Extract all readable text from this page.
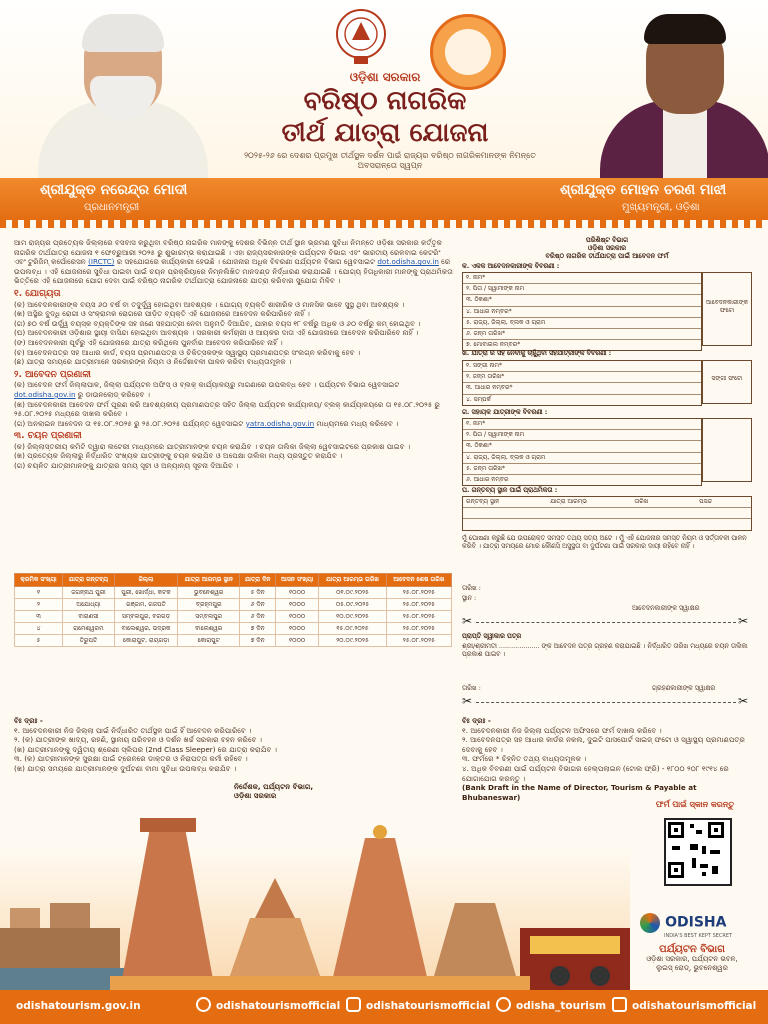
ଓଡ଼ିଶା ସରକାର
ବରିଷ୍ଠ ନାଗରିକ
ତୀର୍ଥ ଯାତ୍ରା ଯୋଜନା
୨୦୨୫-୨୬ ରେ ଦେଶର ପ୍ରମୁଖ ତୀର୍ଥସ୍ଥଳ ଦର୍ଶନ ପାଇଁ ରାଜ୍ୟର ବରିଷ୍ଠ ନାଗରିକମାନଙ୍କ ନିମନ୍ତେ ଅବସରାନ୍ତୋ ସ୍ୱପ୍ନ
ଶ୍ରୀଯୁକ୍ତ ନରେନ୍ଦ୍ର ମୋଦୀ
ପ୍ରଧାନମନ୍ତ୍ରୀ
ଶ୍ରୀଯୁକ୍ତ ମୋହନ ଚରଣ ମାଝୀ
ମୁଖ୍ୟମନ୍ତ୍ରୀ, ଓଡ଼ିଶା
ଆମ ରାଜ୍ୟର ପ୍ରତ୍ୟେକ ଜିଲ୍ଲାରେ ବସବାସ କରୁଥିବା ବରିଷ୍ଠ ନାଗରିକ ମାନଙ୍କୁ ଦେଶର ବିଭିନ୍ନ ତୀର୍ଥ ସ୍ଥାନ ଭ୍ରମଣ ସୁବିଧା ନିମନ୍ତେ ଓଡ଼ିଶା ସରକାର କର୍ତ୍ତୃକ ନାଗରିକ ତୀର୍ଥଯାତ୍ରା ଯୋଜନା ୧ ଫେବ୍ରୁଆରୀ ୨୦୨୫ ରୁ ଶୁଭାରମ୍ଭ କରାଯାଇଛି । ଏହା ରାଜ୍ୟସରକାରଙ୍କ ପର୍ଯ୍ୟଟନ ବିଭାଗ ଏବଂ ଭାରତୀୟ ରେଳବାଇ କେଟରିଂ ଏବଂ ଟୁରିଜିମ୍ କର୍ପୋରେସନ (IRCTC) ର ସହଯୋଗରେ କାର୍ଯ୍ୟକାରୀ ହେଉଛି । ଯୋଜନାର ଅଧିକ ବିବରଣୀ ପର୍ଯ୍ୟଟନ ବିଭାଗ ୱେବସାଇଟ dot.odisha.gov.in ରେ ଉପଲବ୍ଧ । ଏହି ଯୋଜନାରେ ସୁବିଧା ପାଇବା ପାଇଁ ଚୟନ ପ୍ରକ୍ରିୟାରେ ନିମ୍ନଲିଖିତ ମାନଦଣ୍ଡ ନିର୍ଦ୍ଧାରଣ କରାଯାଇଛି । ଯୋଗ୍ୟ ହିତାଧିକାରୀ ମାନଙ୍କୁ ପ୍ରାଥମିକତା ଭିତ୍ତିରେ ଏହି ଯୋଜନାରେ ଯୋଗ ଦେବା ପାଇଁ ବରିଷ୍ଠ ନାଗରିକ ତୀର୍ଥଯାତ୍ରା ଯୋଜନାରେ ଯାତ୍ରା କରିବାର ସୁଯୋଗ ମିଳିବ ।
୧. ଯୋଗ୍ୟତା

(କ) ଆବେଦନକାରୀଙ୍କ ବୟସ ୬୦ ବର୍ଷ ବା ତଦୁର୍ଦ୍ଧ୍ୱ ହୋଇଥିବା ଆବଶ୍ୟକ । ଯୋଗ୍ୟ ବ୍ୟକ୍ତି ଶାରୀରିକ ଓ ମାନସିକ ଭାବେ ସୁସ୍ଥ ଥିବା ଆବଶ୍ୟକ ।

(ଖ) ଅସ୍ଥିର ବୁଦ୍ଧି ରୋଗୀ ଓ ସଂକ୍ରାମକ ରୋଗରେ ପୀଡ଼ିତ ବ୍ୟକ୍ତି ଏହି ଯୋଜନାରେ ଆବେଦନ କରିପାରିବେ ନାହିଁ ।

(ଗ) ୭୦ ବର୍ଷ ଉର୍ଦ୍ଧ୍ୱ ବୟସ୍କ ବ୍ୟକ୍ତିଙ୍କ ସହ ଜଣେ ସହଯାତ୍ରୀ ନେବା ଅନୁମତି ଦିଆଯିବ, ଯାହାର ବୟସ ୧୮ ବର୍ଷରୁ ଅଧିକ ଓ ୬୦ ବର୍ଷରୁ କମ୍ ହୋଇଥିବ ।

(ଘ) ଆବେଦନକାରୀ ଓଡ଼ିଶାର ସ୍ଥାୟୀ ବାସିନ୍ଦା ହୋଇଥିବା ଆବଶ୍ୟକ । ସରକାରୀ କର୍ମଚାରୀ ଓ ଆୟକର ଦାତା ଏହି ଯୋଜନାରେ ଆବେଦନ କରିପାରିବେ ନାହିଁ ।

(ଙ) ଆବେଦନକାରୀ ପୂର୍ବରୁ ଏହି ଯୋଜନାରେ ଯାତ୍ରା କରିଥିଲେ ପୁନର୍ବାର ଆବେଦନ କରିପାରିବେ ନାହିଁ ।

(ଚ) ଆବେଦନପତ୍ର ସହ ଆଧାର କାର୍ଡ, ବୟସ ପ୍ରମାଣପତ୍ର ଓ ଚିକିତ୍ସକଙ୍କ ସ୍ୱାସ୍ଥ୍ୟ ପ୍ରମାଣପତ୍ର ସଂଲଗ୍ନ କରିବାକୁ ହେବ ।

(ଛ) ଯାତ୍ରା ସମୟରେ ଯାତ୍ରୀମାନେ ସରକାରଙ୍କ ନିୟମ ଓ ନିର୍ଦ୍ଦେଶାବଳୀ ପାଳନ କରିବା ବାଧ୍ୟତାମୂଳକ ।

୨. ଆବେଦନ ପ୍ରଣାଳୀ

(କ) ଆବେଦନ ଫର୍ମ ଜିଲ୍ଲାପାଳ, ଜିଲ୍ଲା ପର୍ଯ୍ୟଟନ ଅଫିସ୍ ଓ ବ୍ଲକ୍ କାର୍ଯ୍ୟାଳୟରୁ ମାଗଣାରେ ଉପଲବ୍ଧ ହେବ । ପର୍ଯ୍ୟଟନ ବିଭାଗ ୱେବସାଇଟ dot.odisha.gov.in ରୁ ଡାଉନଲୋଡ୍ କରିହେବ ।

(ଖ) ଆବେଦନକାରୀ ଆବେଦନ ଫର୍ମ ପୂରଣ କରି ଆବଶ୍ୟକୀୟ ପ୍ରମାଣପତ୍ର ସହିତ ଜିଲ୍ଲା ପର୍ଯ୍ୟଟନ କାର୍ଯ୍ୟାଳୟ/ ବ୍ଲକ୍ କାର୍ଯ୍ୟାଳୟରେ ତା ୧୫.୦୮.୨୦୨୫ ରୁ ୨୫.୦୮.୨୦୨୫ ମଧ୍ୟରେ ଦାଖଲ କରିବେ ।

(ଗ) ଅନଲାଇନ ଆବେଦନ ତା ୧୫.୦୮.୨୦୨୫ ରୁ ୨୫.୦୮.୨୦୨୫ ପର୍ଯ୍ୟନ୍ତ ୱେବସାଇଟ yatra.odisha.gov.in ମାଧ୍ୟମରେ ମଧ୍ୟ କରିହେବ ।

୩. ଚୟନ ପ୍ରଣାଳୀ

(କ) ଜିଲ୍ଲାସ୍ତରୀୟ କମିଟି ଦ୍ୱାରା ଲଟେରୀ ମାଧ୍ୟମରେ ଯାତ୍ରୀମାନଙ୍କ ଚୟନ କରାଯିବ । ଚୟନ ତାଲିକା ଜିଲ୍ଲା ୱେବସାଇଟରେ ପ୍ରକାଶ ପାଇବ ।

(ଖ) ପ୍ରତ୍ୟେକ ଜିଲ୍ଲାରୁ ନିର୍ଦ୍ଧାରିତ ସଂଖ୍ୟକ ଯାତ୍ରୀଙ୍କୁ ଚୟନ କରାଯିବ ଓ ଅପେକ୍ଷା ତାଲିକା ମଧ୍ୟ ପ୍ରସ୍ତୁତ କରାଯିବ ।

(ଗ) ଚୟନିତ ଯାତ୍ରୀମାନଙ୍କୁ ଯାତ୍ରାର ସମୟ ସୂଚୀ ଓ ଅନ୍ୟାନ୍ୟ ସୂଚନା ଦିଆଯିବ ।

କ୍ରମିକ ସଂଖ୍ୟା	ଯାତ୍ରା ଗନ୍ତବ୍ୟ	ଜିଲ୍ଲା	ଯାତ୍ରା ଆରମ୍ଭ ସ୍ଥାନ	ଯାତ୍ରା ଦିନ	ଆସନ ସଂଖ୍ୟା	ଯାତ୍ରା ଆରମ୍ଭ ତାରିଖ	ଆବେଦନ ଶେଷ ତାରିଖ
୧	ଜଗନ୍ନାଥ ପୁରୀ	ପୁରୀ, ଖୋର୍ଦ୍ଧା, କଟକ	ଭୁବନେଶ୍ୱର	୫ ଦିନ	୧୦୦୦	୦୧.୦୯.୨୦୨୫	୨୫.୦୮.୨୦୨୫
୨	ଅଯୋଧ୍ୟା	ଗଞ୍ଜାମ, ଗଜପତି	ବ୍ରହ୍ମପୁର	୬ ଦିନ	୧୦୦୦	୦୫.୦୯.୨୦୨୫	୨୫.୦୮.୨୦୨୫
୩	ବାରାଣସୀ	ସମ୍ବଲପୁର, ବରଗଡ଼	ସମ୍ବଲପୁର	୬ ଦିନ	୧୦୦୦	୧୦.୦୯.୨୦୨୫	୨୫.୦୮.୨୦୨୫
୪	ରାମେଶ୍ୱରମ	ବାଲେଶ୍ୱର, ଭଦ୍ରକ	ବାଲେଶ୍ୱର	୭ ଦିନ	୧୦୦୦	୧୫.୦୯.୨୦୨୫	୨୫.୦୮.୨୦୨୫
୫	ତିରୁପତି	କୋରାପୁଟ, ରାୟଗଡ଼ା	କୋରାପୁଟ	୭ ଦିନ	୧୦୦୦	୨୦.୦୯.୨୦୨୫	୨୫.୦୮.୨୦୨୫
ବିଃ ଦ୍ରଃ -

୧. ଆବେଦନକାରୀ ନିଜ ଜିଲ୍ଲା ପାଇଁ ନିର୍ଦ୍ଧାରିତ ତୀର୍ଥସ୍ଥଳ ପାଇଁ ହିଁ ଆବେଦନ କରିପାରିବେ ।

୨. (କ) ଯାତ୍ରୀଙ୍କ ଖାଦ୍ୟ, ରହଣି, ସ୍ଥାନୀୟ ପରିବହନ ଓ ଦର୍ଶନ ଖର୍ଚ୍ଚ ସରକାର ବହନ କରିବେ ।

(ଖ) ଯାତ୍ରୀମାନଙ୍କୁ ଦ୍ୱିତୀୟ ଶ୍ରେଣୀ ସ୍ଲିପର (2nd Class Sleeper) ରେ ଯାତ୍ରା କରାଯିବ ।

୩. (କ) ଯାତ୍ରୀମାନଙ୍କ ସୁରକ୍ଷା ପାଇଁ ଟ୍ରେନରେ ଡାକ୍ତର ଓ ନିରାପତ୍ତା କର୍ମୀ ରହିବେ ।

(ଖ) ଯାତ୍ରା ସମୟରେ ଯାତ୍ରୀମାନଙ୍କ ଦୁର୍ଘଟଣା ବୀମା ସୁବିଧା ଉପଲବ୍ଧ କରାଯିବ ।

ନିର୍ଦ୍ଦେଶକ, ପର୍ଯ୍ୟଟନ ବିଭାଗ,
ଓଡ଼ିଶା ସରକାର

ପରିଶିଷ୍ଟ ବିଭାଗ
ଓଡ଼ିଶା ସରକାର
ବରିଷ୍ଠ ନାଗରିକ ତୀର୍ଥଯାତ୍ରା ପାଇଁ ଆବେଦନ ଫର୍ମ
କ. ଏକକ ଆବେଦନକାରୀଙ୍କ ବିବରଣୀ :
୧. ନାମ*
୨. ପିତା / ସ୍ୱାମୀଙ୍କ ନାମ
୩. ଠିକଣା*
୪. ଆଧାର ନମ୍ବର*
୫. ରାଜ୍ୟ, ଜିଲ୍ଲା, ବ୍ଲକ ଓ ଗ୍ରାମ
୬. ଜନ୍ମ ତାରିଖ*
୭. ମୋବାଇଲ ନମ୍ବର*
ଆବେଦନକାରୀଙ୍କ ଫଟୋ
ଖ. ଯାତ୍ରା ର ସହ ନେବାକୁ ଚାହୁଁଥିବା ସହଯାତ୍ରୀଙ୍କ ବିବରଣୀ :
୧. ସଙ୍ଗୀ ନାମ*
୨. ଜନ୍ମ ତାରିଖ*
୩. ଆଧାର ନମ୍ବର*
୪. ସମ୍ପର୍କ
ସଙ୍ଗୀ ଫଟୋ
ଗ. ସହାୟକ ଯାତ୍ରୀଙ୍କ ବିବରଣୀ :
୧. ନାମ*
୨. ପିତା / ସ୍ୱାମୀଙ୍କ ନାମ
୩. ଠିକଣା*
୪. ରାଜ୍ୟ, ଜିଲ୍ଲା, ବ୍ଲକ ଓ ଗ୍ରାମ
୫. ଜନ୍ମ ତାରିଖ*
୬. ଆଧାର ନମ୍ବର
ଘ. ଗନ୍ତବ୍ୟ ସ୍ଥାନ ପାଇଁ ପ୍ରାଥମିକତା :
ଗନ୍ତବ୍ୟ ସ୍ଥାନ	ଯାତ୍ରା ଆରମ୍ଭ	ତାରିଖ	ପସନ୍ଦ
ମୁଁ ଘୋଷଣା କରୁଛି ଯେ ଉପରୋକ୍ତ ସମସ୍ତ ତଥ୍ୟ ସତ୍ୟ ଅଟେ । ମୁଁ ଏହି ଯୋଜନାର ସମସ୍ତ ନିୟମ ଓ ସର୍ତ୍ତାବଳୀ ପାଳନ କରିବି । ଯାତ୍ରା ସମୟରେ ମୋର କୌଣସି ଅସୁସ୍ଥତା ବା ଦୁର୍ଘଟଣା ପାଇଁ ସରକାର ଦାୟୀ ରହିବେ ନାହିଁ ।
ତାରିଖ :
ସ୍ଥାନ :
ଆବେଦନକାରୀଙ୍କ ସ୍ୱାକ୍ଷର
✂	✂
ପ୍ରାପ୍ତି ସ୍ୱୀକାର ପତ୍ର
ଶ୍ରୀ/ଶ୍ରୀମତୀ .................... ଙ୍କ ଆବେଦନ ପତ୍ର ଗ୍ରହଣ କରାଯାଇଛି । ନିର୍ଦ୍ଧାରିତ ତାରିଖ ମଧ୍ୟରେ ଚୟନ ତାଲିକା ପ୍ରକାଶ ପାଇବ ।
ତାରିଖ :	ଗ୍ରହଣକାରୀଙ୍କ ସ୍ୱାକ୍ଷର
✂	✂
ବିଃ ଦ୍ରଃ -

୧. ଆବେଦନକାରୀ ନିଜ ଜିଲ୍ଲା ପର୍ଯ୍ୟଟନ ଅଫିସରେ ଫର୍ମ ଦାଖଲ କରିବେ ।

୨. ଆବେଦନପତ୍ର ସହ ଆଧାର କାର୍ଡର ନକଲ, ଦୁଇଟି ପାସପୋର୍ଟ ସାଇଜ୍ ଫଟୋ ଓ ସ୍ୱାସ୍ଥ୍ୟ ପ୍ରମାଣପତ୍ର ଦେବାକୁ ହେବ ।

୩. ଫର୍ମରେ * ଚିହ୍ନିତ ତଥ୍ୟ ବାଧ୍ୟତାମୂଳକ ।

୪. ଅଧିକ ବିବରଣୀ ପାଇଁ ପର୍ଯ୍ୟଟନ ବିଭାଗର ହେଲ୍ପଲାଇନ (ଟୋଲ ଫ୍ରି) - ୧୮୦୦ ୨୦୮ ୧୯୧୪ ରେ ଯୋଗାଯୋଗ କରନ୍ତୁ ।

(Bank Draft in the Name of Director, Tourism & Payable at Bhubaneswar)

ଫର୍ମ ପାଇଁ ସ୍କାନ କରନ୍ତୁ
ODISHA
INDIA'S BEST KEPT SECRET
ପର୍ଯ୍ୟଟନ ବିଭାଗ
ଓଡ଼ିଶା ସରକାର, ପର୍ଯ୍ୟଟନ ଭବନ,
ଲୁଇସ୍ ରୋଡ୍, ଭୁବନେଶ୍ୱର
odishatourism.gov.in	odishatourismofficial odishatourismofficial odisha_tourism odishatourismofficial
